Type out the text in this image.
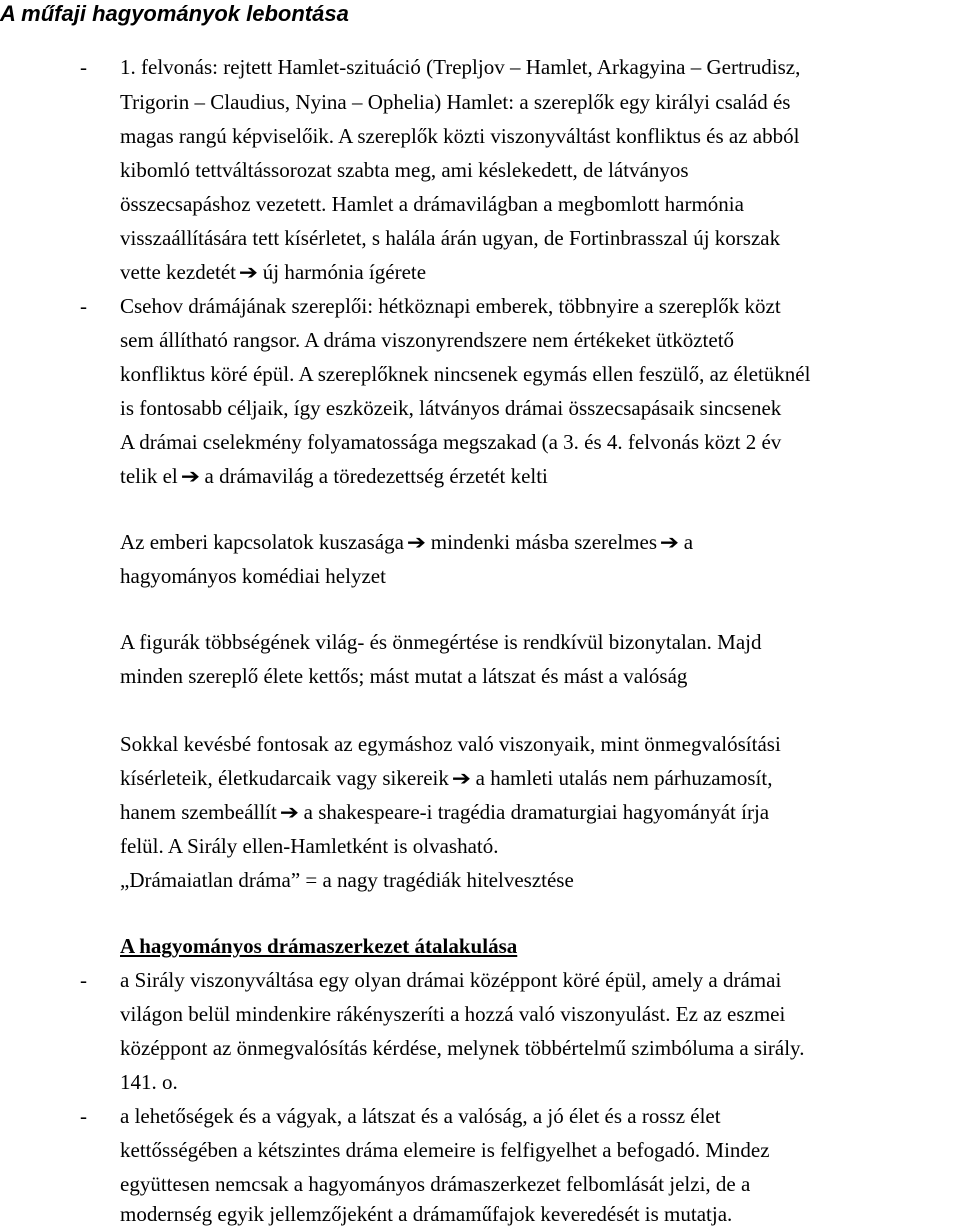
A műfaji hagyományok lebontása
- 1. felvonás: rejtett Hamlet-szituáció (Trepljov – Hamlet, Arkagyina – Gertrudisz,
Trigorin – Claudius, Nyina – Ophelia) Hamlet: a szereplők egy királyi család és
magas rangú képviselőik. A szereplők közti viszonyváltást konfliktus és az abból
kibomló tettváltássorozat szabta meg, ami késlekedett, de látványos
összecsapáshoz vezetett. Hamlet a drámavilágban a megbomlott harmónia
visszaállítására tett kísérletet, s halála árán ugyan, de Fortinbrasszal új korszak
vette kezdetét ➔ új harmónia ígérete
- Csehov drámájának szereplői: hétköznapi emberek, többnyire a szereplők közt
sem állítható rangsor. A dráma viszonyrendszere nem értékeket ütköztető
konfliktus köré épül. A szereplőknek nincsenek egymás ellen feszülő, az életüknél
is fontosabb céljaik, így eszközeik, látványos drámai összecsapásaik sincsenek
A drámai cselekmény folyamatossága megszakad (a 3. és 4. felvonás közt 2 év
telik el ➔ a drámavilág a töredezettség érzetét kelti
Az emberi kapcsolatok kuszasága ➔ mindenki másba szerelmes ➔ a
hagyományos komédiai helyzet
A figurák többségének világ- és önmegértése is rendkívül bizonytalan. Majd
minden szereplő élete kettős; mást mutat a látszat és mást a valóság
Sokkal kevésbé fontosak az egymáshoz való viszonyaik, mint önmegvalósítási
kísérleteik, életkudarcaik vagy sikereik ➔ a hamleti utalás nem párhuzamosít,
hanem szembeállít ➔ a shakespeare-i tragédia dramaturgiai hagyományát írja
felül. A Sirály ellen-Hamletként is olvasható.
„Drámaiatlan dráma” = a nagy tragédiák hitelvesztése
A hagyományos drámaszerkezet átalakulása
- a Sirály viszonyváltása egy olyan drámai középpont köré épül, amely a drámai
világon belül mindenkire rákényszeríti a hozzá való viszonyulást. Ez az eszmei
középpont az önmegvalósítás kérdése, melynek többértelmű szimbóluma a sirály.
141. o.
- a lehetőségek és a vágyak, a látszat és a valóság, a jó élet és a rossz élet
kettősségében a kétszintes dráma elemeire is felfigyelhet a befogadó. Mindez
együttesen nemcsak a hagyományos drámaszerkezet felbomlását jelzi, de a
modernség egyik jellemzőjeként a drámaműfajok keveredését is mutatja.
